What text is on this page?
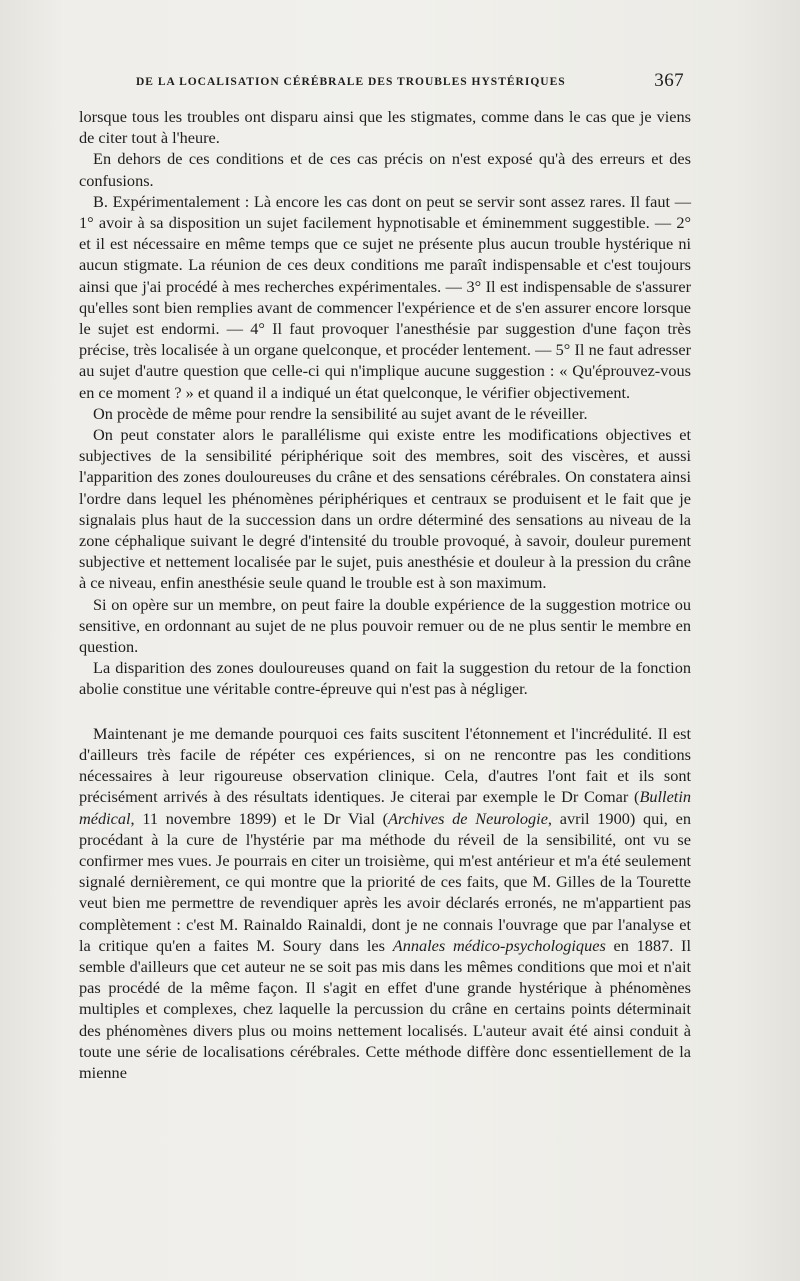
DE LA LOCALISATION CÉRÉBRALE DES TROUBLES HYSTÉRIQUES	367

lorsque tous les troubles ont disparu ainsi que les stigmates, comme dans le cas que je viens de citer tout à l'heure.

En dehors de ces conditions et de ces cas précis on n'est exposé qu'à des erreurs et des confusions.

B. Expérimentalement : Là encore les cas dont on peut se servir sont assez rares. Il faut — 1° avoir à sa disposition un sujet facilement hypnotisable et éminemment suggestible. — 2° et il est nécessaire en même temps que ce sujet ne présente plus aucun trouble hystérique ni aucun stigmate. La réunion de ces deux conditions me paraît indispensable et c'est toujours ainsi que j'ai procédé à mes recherches expérimentales. — 3° Il est indispensable de s'assurer qu'elles sont bien remplies avant de commencer l'expérience et de s'en assurer encore lorsque le sujet est endormi. — 4° Il faut provoquer l'anesthésie par suggestion d'une façon très précise, très localisée à un organe quelconque, et procéder lentement. — 5° Il ne faut adresser au sujet d'autre question que celle-ci qui n'implique aucune suggestion : « Qu'éprouvez-vous en ce moment ? » et quand il a indiqué un état quelconque, le vérifier objectivement.

On procède de même pour rendre la sensibilité au sujet avant de le réveiller.

On peut constater alors le parallélisme qui existe entre les modifications objectives et subjectives de la sensibilité périphérique soit des membres, soit des viscères, et aussi l'apparition des zones douloureuses du crâne et des sensations cérébrales. On constatera ainsi l'ordre dans lequel les phénomènes périphériques et centraux se produisent et le fait que je signalais plus haut de la succession dans un ordre déterminé des sensations au niveau de la zone céphalique suivant le degré d'intensité du trouble provoqué, à savoir, douleur purement subjective et nettement localisée par le sujet, puis anesthésie et douleur à la pression du crâne à ce niveau, enfin anesthésie seule quand le trouble est à son maximum.

Si on opère sur un membre, on peut faire la double expérience de la suggestion motrice ou sensitive, en ordonnant au sujet de ne plus pouvoir remuer ou de ne plus sentir le membre en question.

La disparition des zones douloureuses quand on fait la suggestion du retour de la fonction abolie constitue une véritable contre-épreuve qui n'est pas à négliger.

Maintenant je me demande pourquoi ces faits suscitent l'étonnement et l'incrédulité. Il est d'ailleurs très facile de répéter ces expériences, si on ne rencontre pas les conditions nécessaires à leur rigoureuse observation clinique. Cela, d'autres l'ont fait et ils sont précisément arrivés à des résultats identiques. Je citerai par exemple le Dr Comar (Bulletin médical, 11 novembre 1899) et le Dr Vial (Archives de Neurologie, avril 1900) qui, en procédant à la cure de l'hystérie par ma méthode du réveil de la sensibilité, ont vu se confirmer mes vues. Je pourrais en citer un troisième, qui m'est antérieur et m'a été seulement signalé dernièrement, ce qui montre que la priorité de ces faits, que M. Gilles de la Tourette veut bien me permettre de revendiquer après les avoir déclarés erronés, ne m'appartient pas complètement : c'est M. Rainaldo Rainaldi, dont je ne connais l'ouvrage que par l'analyse et la critique qu'en a faites M. Soury dans les Annales médico-psychologiques en 1887. Il semble d'ailleurs que cet auteur ne se soit pas mis dans les mêmes conditions que moi et n'ait pas procédé de la même façon. Il s'agit en effet d'une grande hystérique à phénomènes multiples et complexes, chez laquelle la percussion du crâne en certains points déterminait des phénomènes divers plus ou moins nettement localisés. L'auteur avait été ainsi conduit à toute une série de localisations cérébrales. Cette méthode diffère donc essentiellement de la mienne
